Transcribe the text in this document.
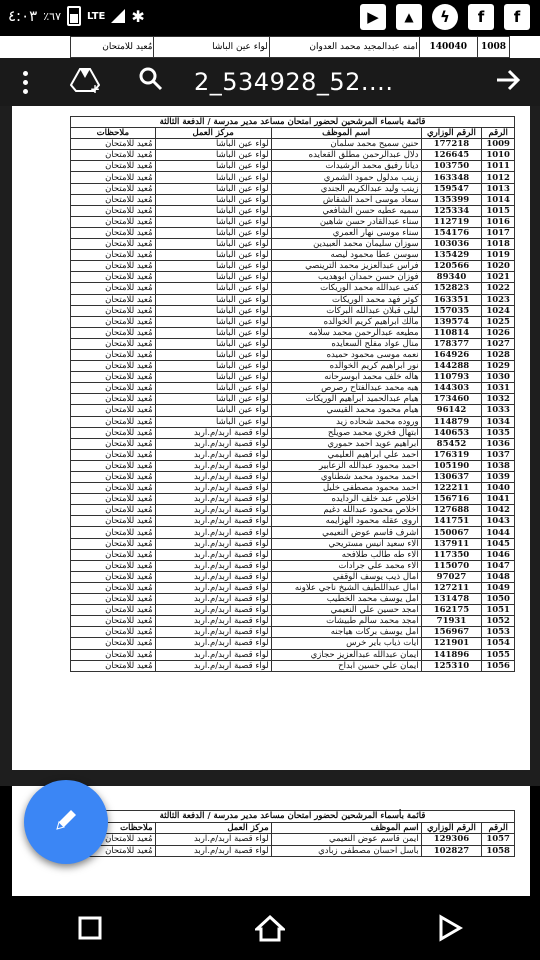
٤:٠٣ ٪٦٧	LTE ✱	▶	▲	ϟ	f	f
1008	140040	امنه عبدالمجيد محمد العدوان	لواء عين الباشا	مُعيد للامتحان
+	2_534928_52....
قائمة بأسماء المرشحين لحضور امتحان مساعد مدير مدرسة / الدفعة الثالثة				
الرقم	الرقم الوزاري	اسم الموظف	مركز العمل	ملاحظات
1009	177218	حنين سميح محمد سلمان	لواء عين الباشا	مُعيد للامتحان
1010	126645	دلال عبدالرحمن مطلق القعايده	لواء عين الباشا	مُعيد للامتحان
1011	103750	ديانا رفيق محمد الرشيدات	لواء عين الباشا	مُعيد للامتحان
1012	163348	زينب مدلول حمود الشمري	لواء عين الباشا	مُعيد للامتحان
1013	159547	زينب وليد عبدالكريم الجندي	لواء عين الباشا	مُعيد للامتحان
1014	135399	سعاد موسى احمد الشقاش	لواء عين الباشا	مُعيد للامتحان
1015	125334	سميه عطيه حسن الشافعي	لواء عين الباشا	مُعيد للامتحان
1016	112719	سناء عبدالقادر حسن شاهين	لواء عين الباشا	مُعيد للامتحان
1017	154176	سناء موسى نهار العمري	لواء عين الباشا	مُعيد للامتحان
1018	103036	سوزان سليمان محمد العبيدين	لواء عين الباشا	مُعيد للامتحان
1019	135429	سوسن عطا محمود ليصه	لواء عين الباشا	مُعيد للامتحان
1020	120566	فراس عبدالعزيز محمد الترينصي	لواء عين الباشا	مُعيد للامتحان
1021	89340	فوزان حسن حمدان ابوهديب	لواء عين الباشا	مُعيد للامتحان
1022	152823	كفى عبدالله محمد الوريكات	لواء عين الباشا	مُعيد للامتحان
1023	163351	كوثر فهد محمد الوريكات	لواء عين الباشا	مُعيد للامتحان
1024	157035	ليلى قبلان عبدالله البركات	لواء عين الباشا	مُعيد للامتحان
1025	139574	مالك ابراهيم كريم الخوالده	لواء عين الباشا	مُعيد للامتحان
1026	110814	مطيعه عبدالرحمن محمد سلامه	لواء عين الباشا	مُعيد للامتحان
1027	178377	منال عواد مفلح السعايده	لواء عين الباشا	مُعيد للامتحان
1028	164926	نعمه موسى محمود حميده	لواء عين الباشا	مُعيد للامتحان
1029	144288	نور ابراهيم كريم الخوالده	لواء عين الباشا	مُعيد للامتحان
1030	110793	هاله خلف محمد ابوسرحانه	لواء عين الباشا	مُعيد للامتحان
1031	144303	هبه محمد عبدالفتاح رصرص	لواء عين الباشا	مُعيد للامتحان
1032	173460	هيام عبدالحميد ابراهيم الوريكات	لواء عين الباشا	مُعيد للامتحان
1033	96142	هيام محمود محمد القيسي	لواء عين الباشا	مُعيد للامتحان
1034	114879	وروده محمد شحاده زيد	لواء عين الباشا	مُعيد للامتحان
1035	140653	ابتهال فخري محمد صويلح	لواء قصبة اربد/م.اربد	مُعيد للامتحان
1036	85452	ابراهيم عويد احمد حموري	لواء قصبة اربد/م.اربد	مُعيد للامتحان
1037	176319	احمد علي ابراهيم العليمي	لواء قصبة اربد/م.اربد	مُعيد للامتحان
1038	105190	احمد محمود عبدالله الزعابير	لواء قصبة اربد/م.اربد	مُعيد للامتحان
1039	130637	احمد محمود محمد شطناوي	لواء قصبة اربد/م.اربد	مُعيد للامتحان
1040	122211	احمد محمود مصطفى خليل	لواء قصبة اربد/م.اربد	مُعيد للامتحان
1041	156716	اخلاص عبد خلف الردايده	لواء قصبة اربد/م.اربد	مُعيد للامتحان
1042	127688	اخلاص محمود عبدالله دغيم	لواء قصبة اربد/م.اربد	مُعيد للامتحان
1043	141751	اروى عقله محمود الهزايمه	لواء قصبة اربد/م.اربد	مُعيد للامتحان
1044	150067	اشرف قاسم عوض النعيمي	لواء قصبة اربد/م.اربد	مُعيد للامتحان
1045	137911	الاء سعيد انيس مستريحي	لواء قصبة اربد/م.اربد	مُعيد للامتحان
1046	117350	الاء طه طالب طلافحه	لواء قصبة اربد/م.اربد	مُعيد للامتحان
1047	115070	الاء محمد علي جرادات	لواء قصبة اربد/م.اربد	مُعيد للامتحان
1048	97027	امال ذيب يوسف الوقفي	لواء قصبة اربد/م.اربد	مُعيد للامتحان
1049	127211	امال عبداللطيف الشيخ ناجي علاونه	لواء قصبة اربد/م.اربد	مُعيد للامتحان
1050	131478	امل يوسف محمد الخطيب	لواء قصبة اربد/م.اربد	مُعيد للامتحان
1051	162175	امجد حسين علي النعيمي	لواء قصبة اربد/م.اربد	مُعيد للامتحان
1052	71931	امجد محمد سالم طبيشات	لواء قصبة اربد/م.اربد	مُعيد للامتحان
1053	156967	امل يوسف بركات هياجنه	لواء قصبة اربد/م.اربد	مُعيد للامتحان
1054	121901	ايات ذياب باير خرس	لواء قصبة اربد/م.اربد	مُعيد للامتحان
1055	141896	ايمان عبدالله عبدالعزيز حجازي	لواء قصبة اربد/م.اربد	مُعيد للامتحان
1056	125310	ايمان علي حسين ابداح	لواء قصبة اربد/م.اربد	مُعيد للامتحان
قائمة بأسماء المرشحين لحضور امتحان مساعد مدير مدرسة / الدفعة الثالثة				
الرقم	الرقم الوزاري	اسم الموظف	مركز العمل	ملاحظات
1057	129306	ايمن قاسم عوض النعيمي	لواء قصبة اربد/م.اربد	مُعيد للامتحان
1058	102827	باسل احسان مصطفى زبادي	لواء قصبة اربد/م.اربد	مُعيد للامتحان
